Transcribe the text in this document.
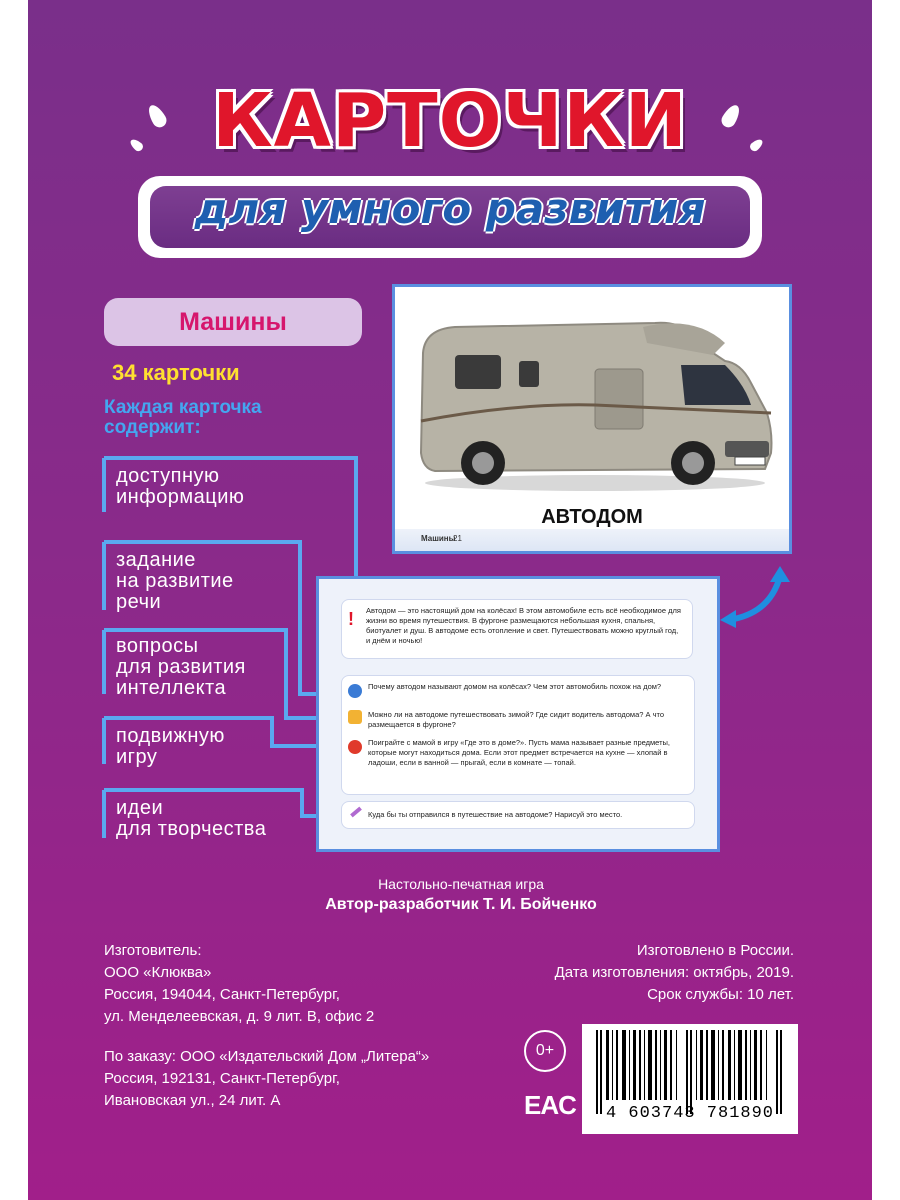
КАРТОЧКИ
для умного развития
Машины
34 карточки
Каждая карточка содержит:
доступную
информацию
задание
на развитие
речи
вопросы
для развития
интеллекта
подвижную
игру
идеи
для творчества
Машины
21
АВТОДОМ
! Автодом — это настоящий дом на колёсах! В этом автомобиле есть всё необходимое для жизни во время путешествия. В фургоне размещаются небольшая кухня, спальня, биотуалет и душ. В автодоме есть отопление и свет. Путешествовать можно круглый год, и днём и ночью!
Почему автодом называют домом на колёсах? Чем этот автомобиль похож на дом?
Можно ли на автодоме путешествовать зимой? Где сидит водитель автодома? А что размещается в фургоне?
Поиграйте с мамой в игру «Где это в доме?». Пусть мама называет разные предметы, которые могут находиться дома. Если этот предмет встречается на кухне — хлопай в ладоши, если в ванной — прыгай, если в комнате — топай.
Куда бы ты отправился в путешествие на автодоме? Нарисуй это место.
Настольно-печатная игра
Автор-разработчик Т. И. Бойченко
Изготовитель:
ООО «Клюква»
Россия, 194044, Санкт-Петербург,
ул. Менделеевская, д. 9 лит. В, офис 2
Изготовлено в России.
Дата изготовления: октябрь, 2019.
Срок службы: 10 лет.
По заказу: ООО «Издательский Дом „Литера“»
Россия, 192131, Санкт-Петербург,
Ивановская ул., 24 лит. А
0+
EAC	4 603743 781890
